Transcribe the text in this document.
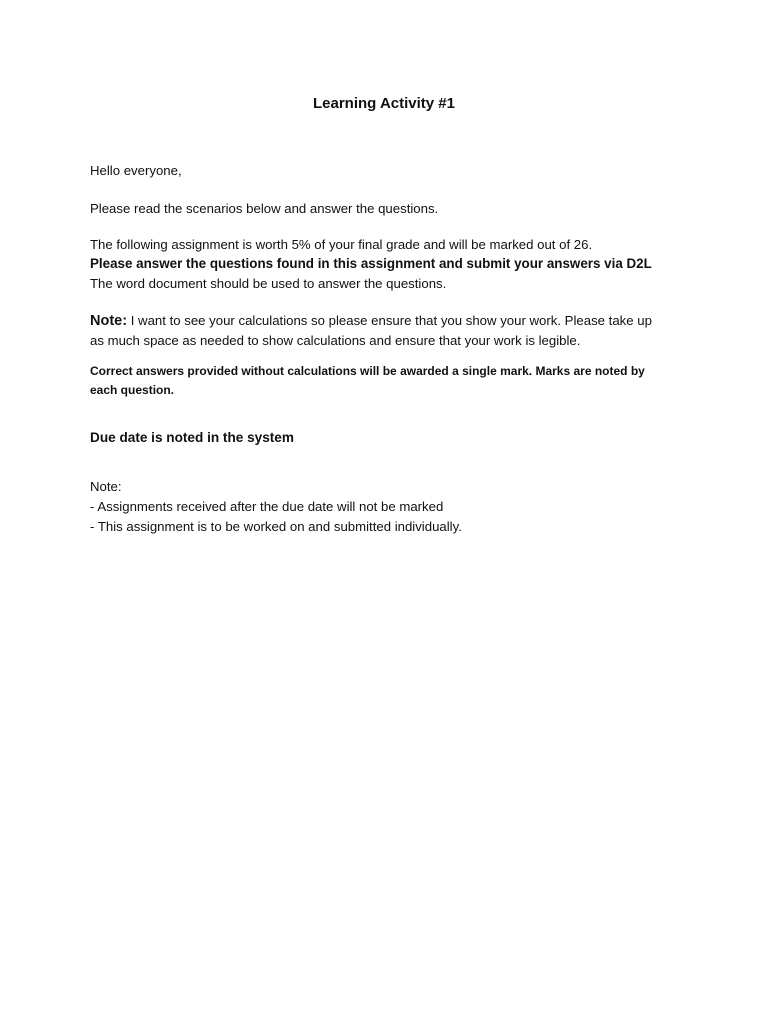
Learning Activity #1

Hello everyone,

Please read the scenarios below and answer the questions.

The following assignment is worth 5% of your final grade and will be marked out of 26.

Please answer the questions found in this assignment and submit your answers via D2L

The word document should be used to answer the questions.

Note: I want to see your calculations so please ensure that you show your work. Please take up
as much space as needed to show calculations and ensure that your work is legible.

Correct answers provided without calculations will be awarded a single mark. Marks are noted by
each question.

Due date is noted in the system

Note:
- Assignments received after the due date will not be marked
- This assignment is to be worked on and submitted individually.
